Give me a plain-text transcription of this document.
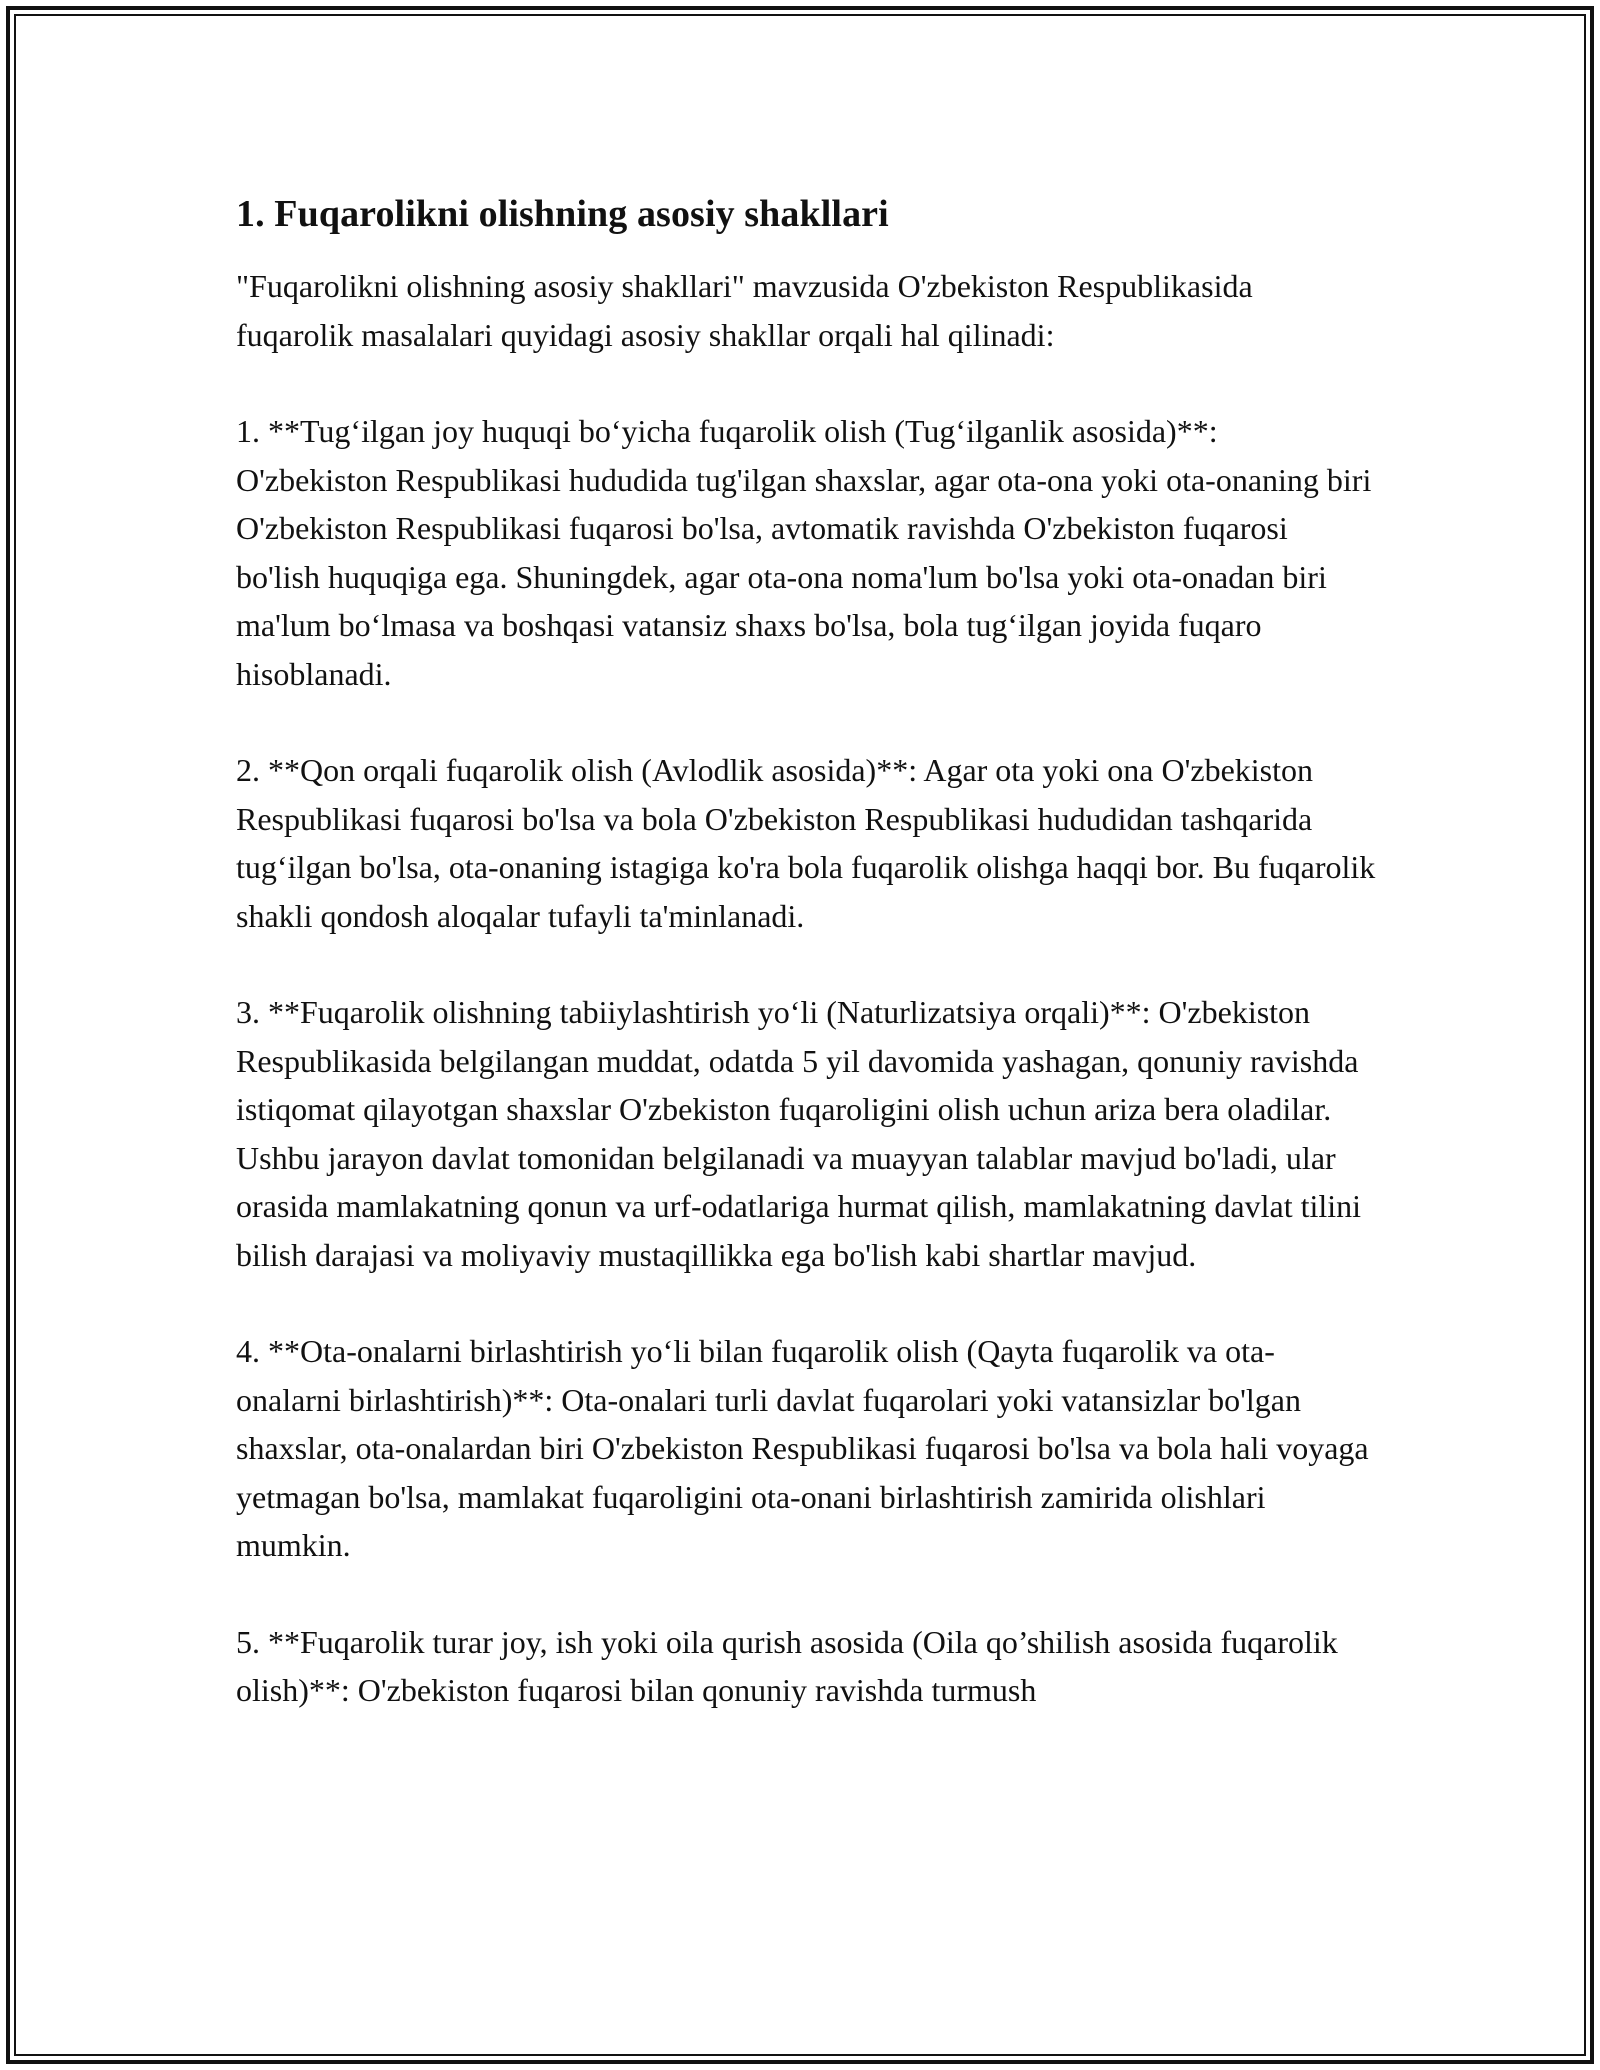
1. Fuqarolikni olishning asosiy shakllari

"Fuqarolikni olishning asosiy shakllari" mavzusida O'zbekiston Respublikasida fuqarolik masalalari quyidagi asosiy shakllar orqali hal qilinadi:

1. **Tug‘ilgan joy huquqi bo‘yicha fuqarolik olish (Tug‘ilganlik asosida)**: O'zbekiston Respublikasi hududida tug'ilgan shaxslar, agar ota-ona yoki ota-onaning biri O'zbekiston Respublikasi fuqarosi bo'lsa, avtomatik ravishda O'zbekiston fuqarosi bo'lish huquqiga ega. Shuningdek, agar ota-ona noma'lum bo'lsa yoki ota-onadan biri ma'lum bo‘lmasa va boshqasi vatansiz shaxs bo'lsa, bola tug‘ilgan joyida fuqaro hisoblanadi.

2. **Qon orqali fuqarolik olish (Avlodlik asosida)**: Agar ota yoki ona O'zbekiston Respublikasi fuqarosi bo'lsa va bola O'zbekiston Respublikasi hududidan tashqarida tug‘ilgan bo'lsa, ota-onaning istagiga ko'ra bola fuqarolik olishga haqqi bor. Bu fuqarolik shakli qondosh aloqalar tufayli ta'minlanadi.

3. **Fuqarolik olishning tabiiylashtirish yo‘li (Naturlizatsiya orqali)**: O'zbekiston Respublikasida belgilangan muddat, odatda 5 yil davomida yashagan, qonuniy ravishda istiqomat qilayotgan shaxslar O'zbekiston fuqaroligini olish uchun ariza bera oladilar. Ushbu jarayon davlat tomonidan belgilanadi va muayyan talablar mavjud bo'ladi, ular orasida mamlakatning qonun va urf-odatlariga hurmat qilish, mamlakatning davlat tilini bilish darajasi va moliyaviy mustaqillikka ega bo'lish kabi shartlar mavjud.

4. **Ota-onalarni birlashtirish yo‘li bilan fuqarolik olish (Qayta fuqarolik va ota-onalarni birlashtirish)**: Ota-onalari turli davlat fuqarolari yoki vatansizlar bo'lgan shaxslar, ota-onalardan biri O'zbekiston Respublikasi fuqarosi bo'lsa va bola hali voyaga yetmagan bo'lsa, mamlakat fuqaroligini ota-onani birlashtirish zamirida olishlari mumkin.

5. **Fuqarolik turar joy, ish yoki oila qurish asosida (Oila qo’shilish asosida fuqarolik olish)**: O'zbekiston fuqarosi bilan qonuniy ravishda turmush
